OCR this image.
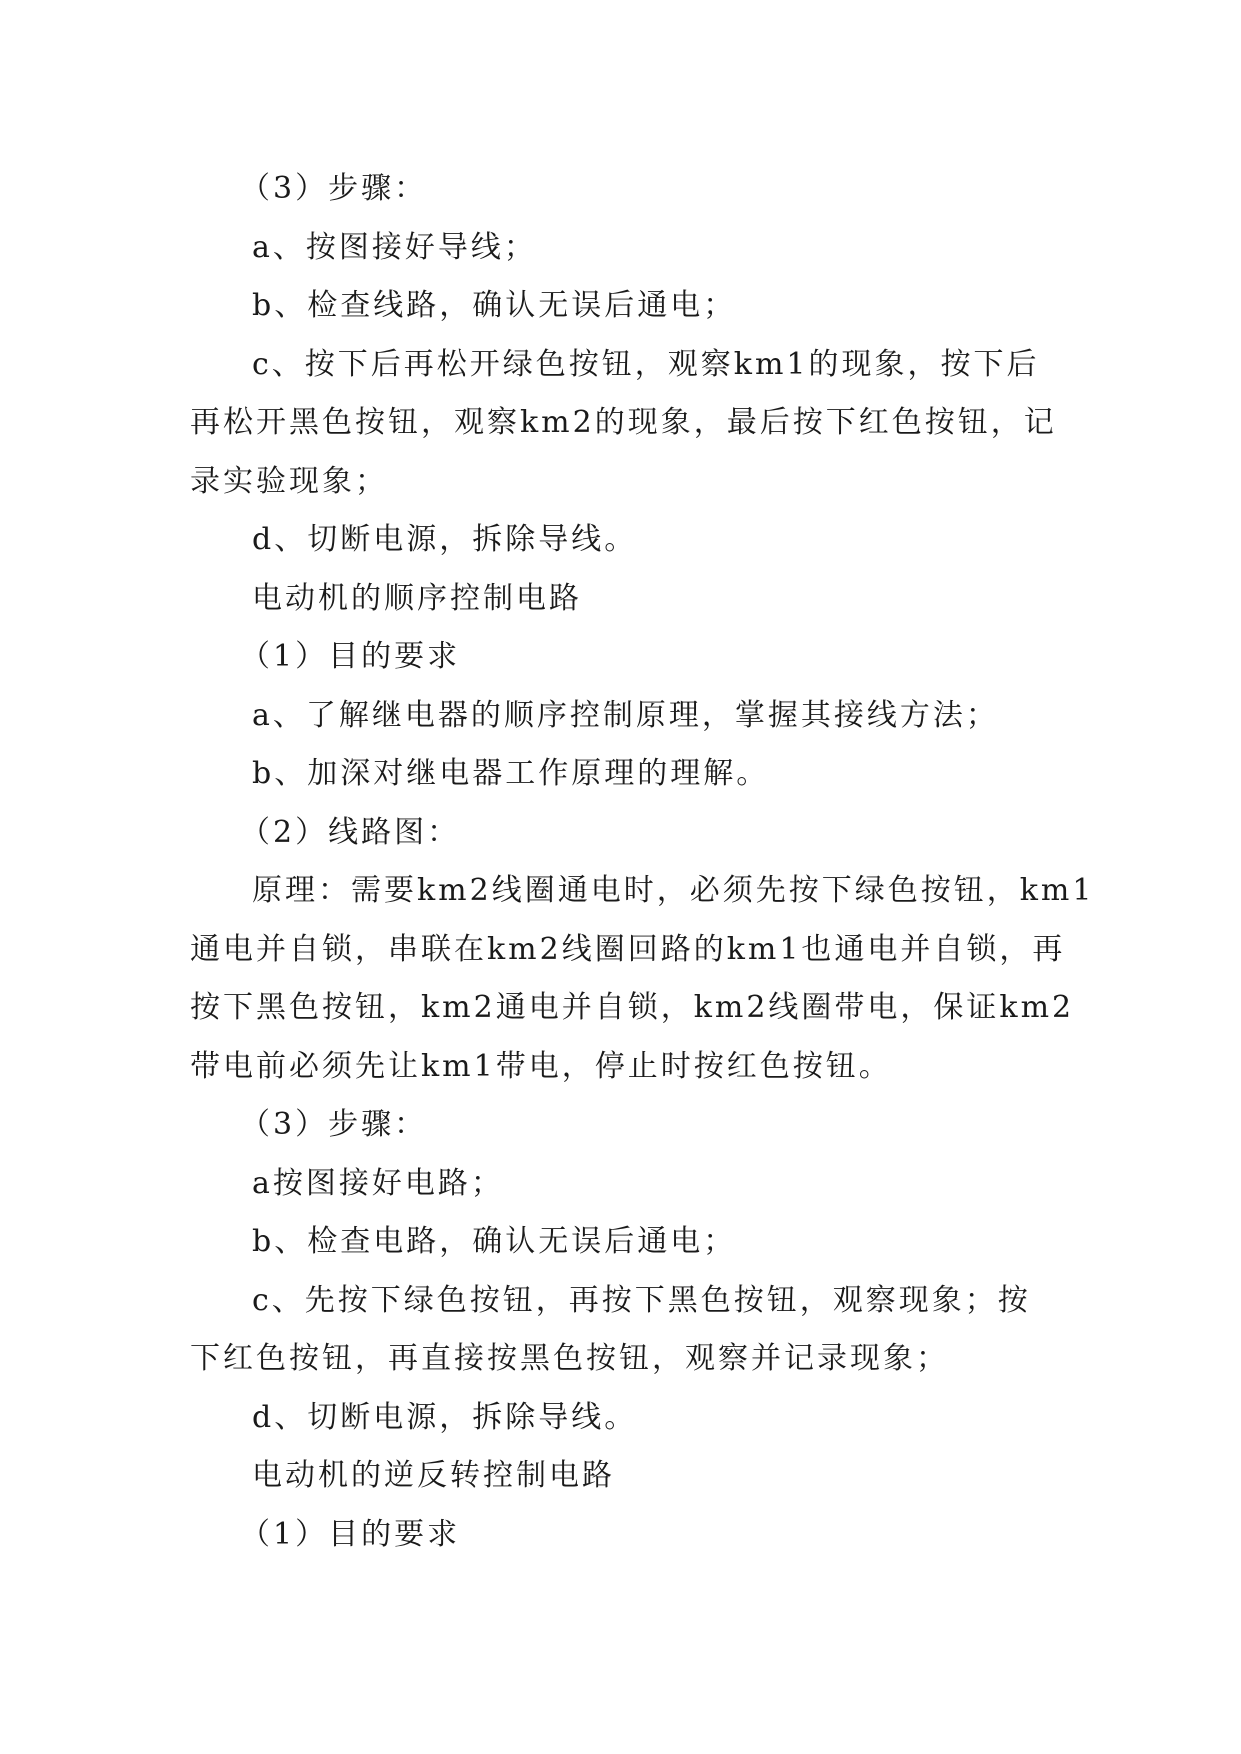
（3）步骤：
a、按图接好导线；
b、检查线路，确认无误后通电；
c、按下后再松开绿色按钮，观察km1的现象，按下后
再松开黑色按钮，观察km2的现象，最后按下红色按钮，记
录实验现象；
d、切断电源，拆除导线。
电动机的顺序控制电路
（1）目的要求
a、了解继电器的顺序控制原理，掌握其接线方法；
b、加深对继电器工作原理的理解。
（2）线路图：
原理：需要km2线圈通电时，必须先按下绿色按钮，km1
通电并自锁，串联在km2线圈回路的km1也通电并自锁，再
按下黑色按钮，km2通电并自锁，km2线圈带电，保证km2
带电前必须先让km1带电，停止时按红色按钮。
（3）步骤：
a按图接好电路；
b、检查电路，确认无误后通电；
c、先按下绿色按钮，再按下黑色按钮，观察现象；按
下红色按钮，再直接按黑色按钮，观察并记录现象；
d、切断电源，拆除导线。
电动机的逆反转控制电路
（1）目的要求
